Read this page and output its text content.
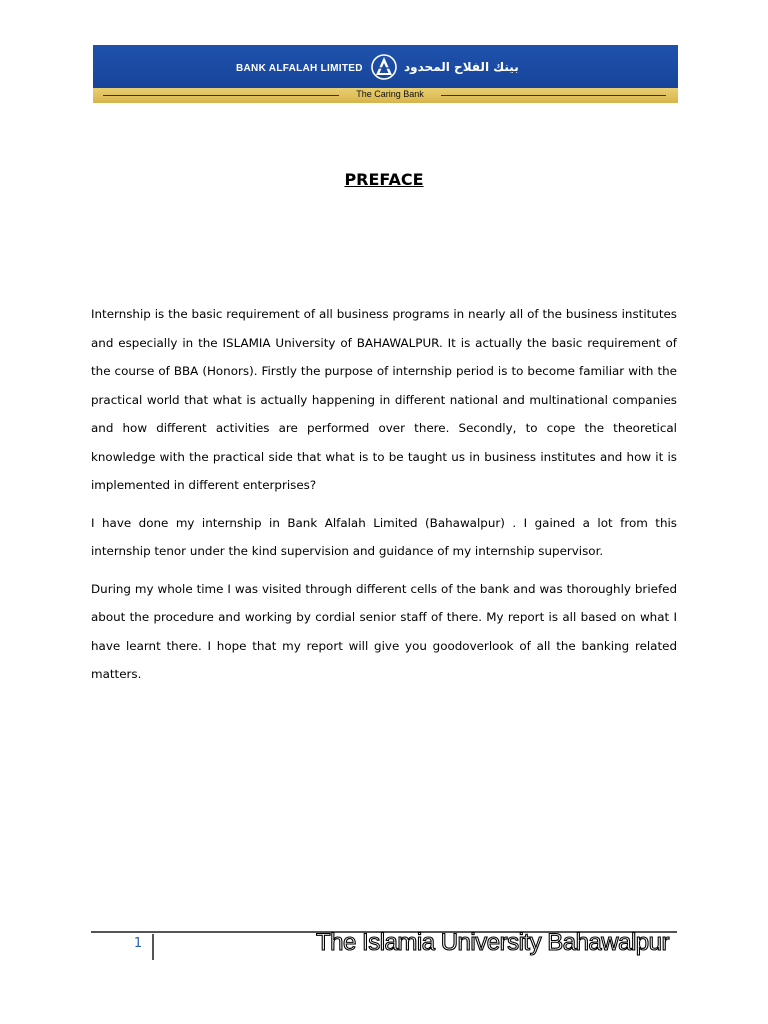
BANK ALFALAH LIMITED	بينك الفلاح المحدود
The Caring Bank
PREFACE

Internship is the basic requirement of all business programs in nearly all of the business institutes and especially in the ISLAMIA University of BAHAWALPUR. It is actually the basic requirement of the course of BBA (Honors). Firstly the purpose of internship period is to become familiar with the practical world that what is actually happening in different national and multinational companies and how different activities are performed over there. Secondly, to cope the theoretical knowledge with the practical side that what is to be taught us in business institutes and how it is implemented in different enterprises?

I have done my internship in Bank Alfalah Limited (Bahawalpur) . I gained a lot from this internship tenor under the kind supervision and guidance of my internship supervisor.

During my whole time I was visited through different cells of the bank and was thoroughly briefed about the procedure and working by cordial senior staff of there. My report is all based on what I have learnt there. I hope that my report will give you goodoverlook of all the banking related matters.

1	The Islamia University Bahawalpur
